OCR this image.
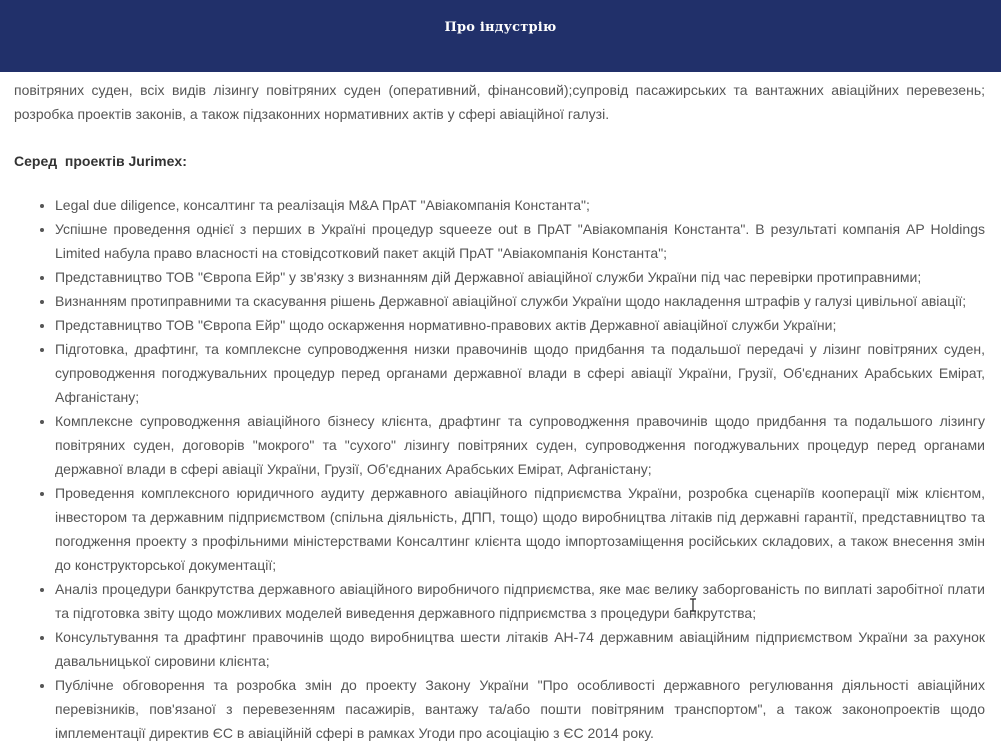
Про індустрію

повітряних суден, всіх видів лізингу повітряних суден (оперативний, фінансовий);супровід пасажирських та вантажних авіаційних перевезень; розробка проектів законів, а також підзаконних нормативних актів у сфері авіаційної галузі.

Серед  проектів Jurimex:

• Legal due diligence, консалтинг та реалізація M&A ПрАТ "Авіакомпанія Константа";
• Успішне проведення однієї з перших в Україні процедур squeeze out в ПрАТ "Авіакомпанія Константа". В результаті компанія AP Holdings Limited набула право власності на стовідсотковий пакет акцій ПрАТ "Авіакомпанія Константа";
• Представництво ТОВ "Європа Ейр" у зв'язку з визнанням дій Державної авіаційної служби України під час перевірки протиправними;
• Визнанням протиправними та скасування рішень Державної авіаційної служби України щодо накладення штрафів у галузі цивільної авіації;
• Представництво ТОВ "Європа Ейр" щодо оскарження нормативно-правових актів Державної авіаційної служби України;
• Підготовка, драфтинг, та комплексне супроводження низки правочинів щодо придбання та подальшої передачі у лізинг повітряних суден, супроводження погоджувальних процедур перед органами державної влади в сфері авіації України, Грузії, Об'єднаних Арабських Емірат, Афганістану;
• Комплексне супроводження авіаційного бізнесу клієнта, драфтинг та супроводження правочинів щодо придбання та подальшого лізингу повітряних суден, договорів "мокрого" та "сухого" лізингу повітряних суден, супроводження погоджувальних процедур перед органами державної влади в сфері авіації України, Грузії, Об'єднаних Арабських Емірат, Афганістану;
• Проведення комплексного юридичного аудиту державного авіаційного підприємства України, розробка сценаріїв кооперації між клієнтом, інвестором та державним підприємством (спільна діяльність, ДПП, тощо) щодо виробництва літаків під державні гарантії, представництво та погодження проекту з профільними міністерствами Консалтинг клієнта щодо імпортозаміщення російських складових, а також внесення змін до конструкторської документації;
• Аналіз процедури банкрутства державного авіаційного виробничого підприємства, яке має велику заборгованість по виплаті заробітної плати та підготовка звіту щодо можливих моделей виведення державного підприємства з процедури банкрутства;
• Консультування та драфтинг правочинів щодо виробництва шести літаків АН-74 державним авіаційним підприємством України за рахунок давальницької сировини клієнта;
• Публічне обговорення та розробка змін до проекту Закону України "Про особливості державного регулювання діяльності авіаційних перевізників, пов'язаної з перевезенням пасажирів, вантажу та/або пошти повітряним транспортом", а також законопроектів щодо імплементації директив ЄС в авіаційній сфері в рамках Угоди про асоціацію з ЄС 2014 року.
